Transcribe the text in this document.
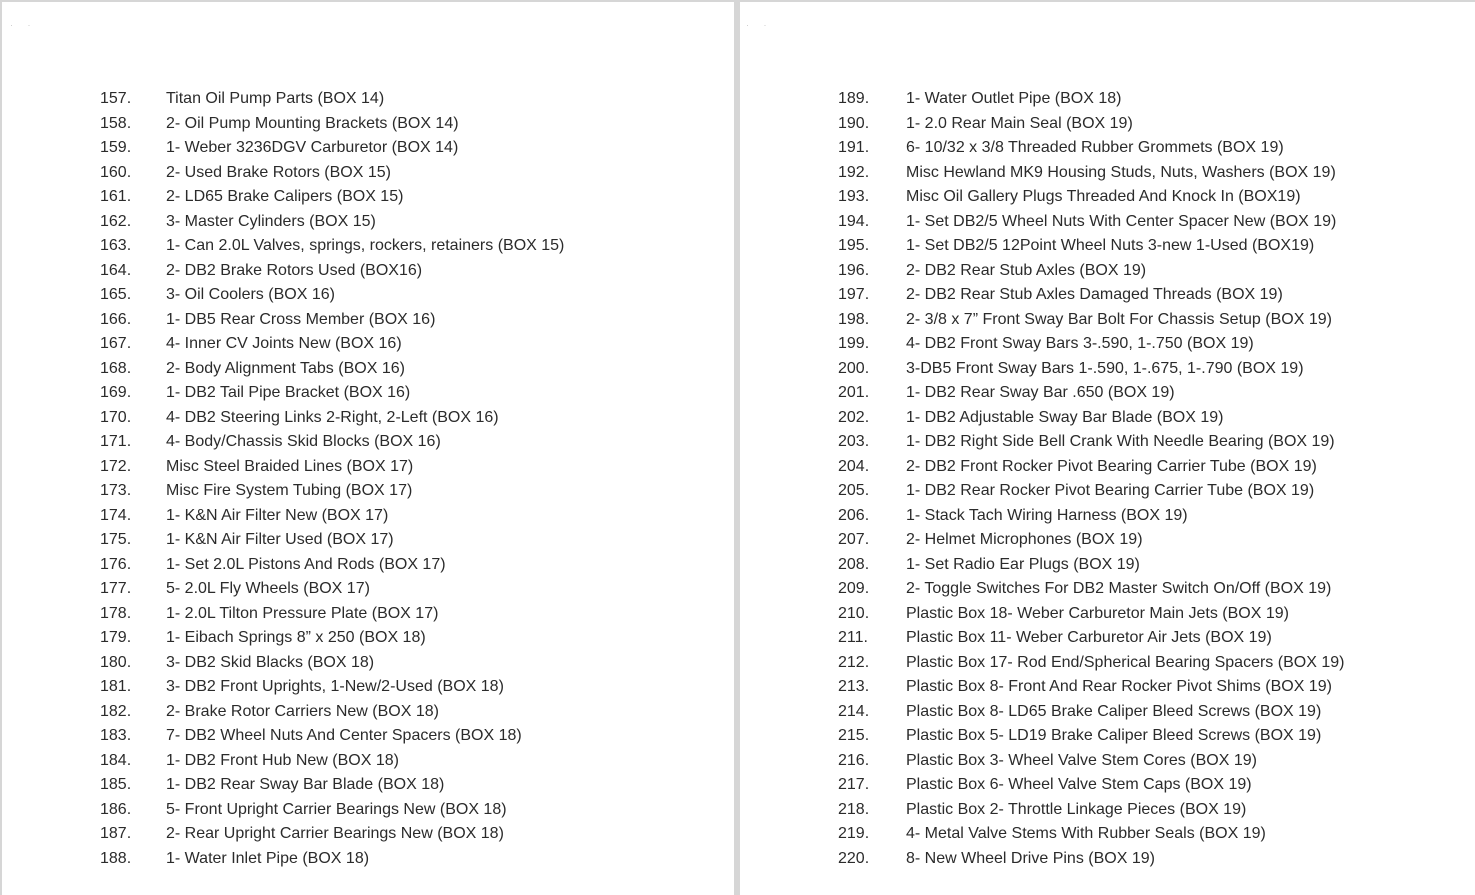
· ·
157.	Titan Oil Pump Parts (BOX 14)
158.	2- Oil Pump Mounting Brackets (BOX 14)
159.	1- Weber 3236DGV Carburetor (BOX 14)
160.	2- Used Brake Rotors (BOX 15)
161.	2- LD65 Brake Calipers (BOX 15)
162.	3- Master Cylinders (BOX 15)
163.	1- Can 2.0L Valves, springs, rockers, retainers (BOX 15)
164.	2- DB2 Brake Rotors Used (BOX16)
165.	3- Oil Coolers (BOX 16)
166.	1- DB5 Rear Cross Member (BOX 16)
167.	4- Inner CV Joints New (BOX 16)
168.	2- Body Alignment Tabs (BOX 16)
169.	1- DB2 Tail Pipe Bracket (BOX 16)
170.	4- DB2 Steering Links 2-Right, 2-Left (BOX 16)
171.	4- Body/Chassis Skid Blocks (BOX 16)
172.	Misc Steel Braided Lines (BOX 17)
173.	Misc Fire System Tubing (BOX 17)
174.	1- K&N Air Filter New (BOX 17)
175.	1- K&N Air Filter Used (BOX 17)
176.	1- Set 2.0L Pistons And Rods (BOX 17)
177.	5- 2.0L Fly Wheels (BOX 17)
178.	1- 2.0L Tilton Pressure Plate (BOX 17)
179.	1- Eibach Springs 8” x 250 (BOX 18)
180.	3- DB2 Skid Blacks (BOX 18)
181.	3- DB2 Front Uprights, 1-New/2-Used (BOX 18)
182.	2- Brake Rotor Carriers New (BOX 18)
183.	7- DB2 Wheel Nuts And Center Spacers (BOX 18)
184.	1- DB2 Front Hub New (BOX 18)
185.	1- DB2 Rear Sway Bar Blade (BOX 18)
186.	5- Front Upright Carrier Bearings New (BOX 18)
187.	2- Rear Upright Carrier Bearings New (BOX 18)
188.	1- Water Inlet Pipe (BOX 18)
· ·
189.	1- Water Outlet Pipe (BOX 18)
190.	1- 2.0 Rear Main Seal (BOX 19)
191.	6- 10/32 x 3/8 Threaded Rubber Grommets (BOX 19)
192.	Misc Hewland MK9 Housing Studs, Nuts, Washers (BOX 19)
193.	Misc Oil Gallery Plugs Threaded And Knock In (BOX19)
194.	1- Set DB2/5 Wheel Nuts With Center Spacer New (BOX 19)
195.	1- Set DB2/5 12Point Wheel Nuts 3-new 1-Used (BOX19)
196.	2- DB2 Rear Stub Axles (BOX 19)
197.	2- DB2 Rear Stub Axles Damaged Threads (BOX 19)
198.	2- 3/8 x 7” Front Sway Bar Bolt For Chassis Setup (BOX 19)
199.	4- DB2 Front Sway Bars 3-.590, 1-.750 (BOX 19)
200.	3-DB5 Front Sway Bars 1-.590, 1-.675, 1-.790 (BOX 19)
201.	1- DB2 Rear Sway Bar .650 (BOX 19)
202.	1- DB2 Adjustable Sway Bar Blade (BOX 19)
203.	1- DB2 Right Side Bell Crank With Needle Bearing (BOX 19)
204.	2- DB2 Front Rocker Pivot Bearing Carrier Tube (BOX 19)
205.	1- DB2 Rear Rocker Pivot Bearing Carrier Tube (BOX 19)
206.	1- Stack Tach Wiring Harness (BOX 19)
207.	2- Helmet Microphones (BOX 19)
208.	1- Set Radio Ear Plugs (BOX 19)
209.	2- Toggle Switches For DB2 Master Switch On/Off (BOX 19)
210.	Plastic Box 18- Weber Carburetor Main Jets (BOX 19)
211.	Plastic Box 11- Weber Carburetor Air Jets (BOX 19)
212.	Plastic Box 17- Rod End/Spherical Bearing Spacers (BOX 19)
213.	Plastic Box 8- Front And Rear Rocker Pivot Shims (BOX 19)
214.	Plastic Box 8- LD65 Brake Caliper Bleed Screws (BOX 19)
215.	Plastic Box 5- LD19 Brake Caliper Bleed Screws (BOX 19)
216.	Plastic Box 3- Wheel Valve Stem Cores (BOX 19)
217.	Plastic Box 6- Wheel Valve Stem Caps (BOX 19)
218.	Plastic Box 2- Throttle Linkage Pieces (BOX 19)
219.	4- Metal Valve Stems With Rubber Seals (BOX 19)
220.	8- New Wheel Drive Pins (BOX 19)
